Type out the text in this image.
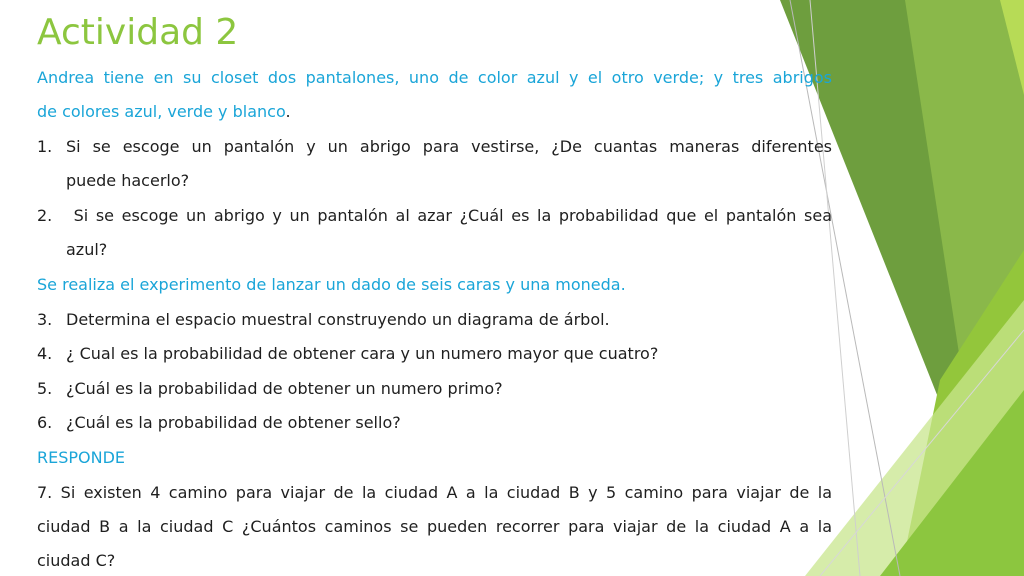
Actividad 2

Andrea tiene en su closet dos pantalones, uno de color azul y el otro verde; y tres abrigos

de colores azul, verde y blanco.

1. Si se escoge un pantalón y un abrigo para vestirse, ¿De cuantas maneras diferentes

puede hacerlo?

2. Si se escoge un abrigo y un pantalón al azar ¿Cuál es la probabilidad que el pantalón sea

azul?

Se realiza el experimento de lanzar un dado de seis caras y una moneda.

3. Determina el espacio muestral construyendo un diagrama de árbol.
4. ¿ Cual es la probabilidad de obtener cara y un numero mayor que cuatro?
5. ¿Cuál es la probabilidad de obtener un numero primo?
6. ¿Cuál es la probabilidad de obtener sello?

RESPONDE

7. Si existen 4 camino para viajar de la ciudad A a la ciudad B y 5 camino para viajar de la

ciudad B a la ciudad C ¿Cuántos caminos se pueden recorrer para viajar de la ciudad A a la

ciudad C?
